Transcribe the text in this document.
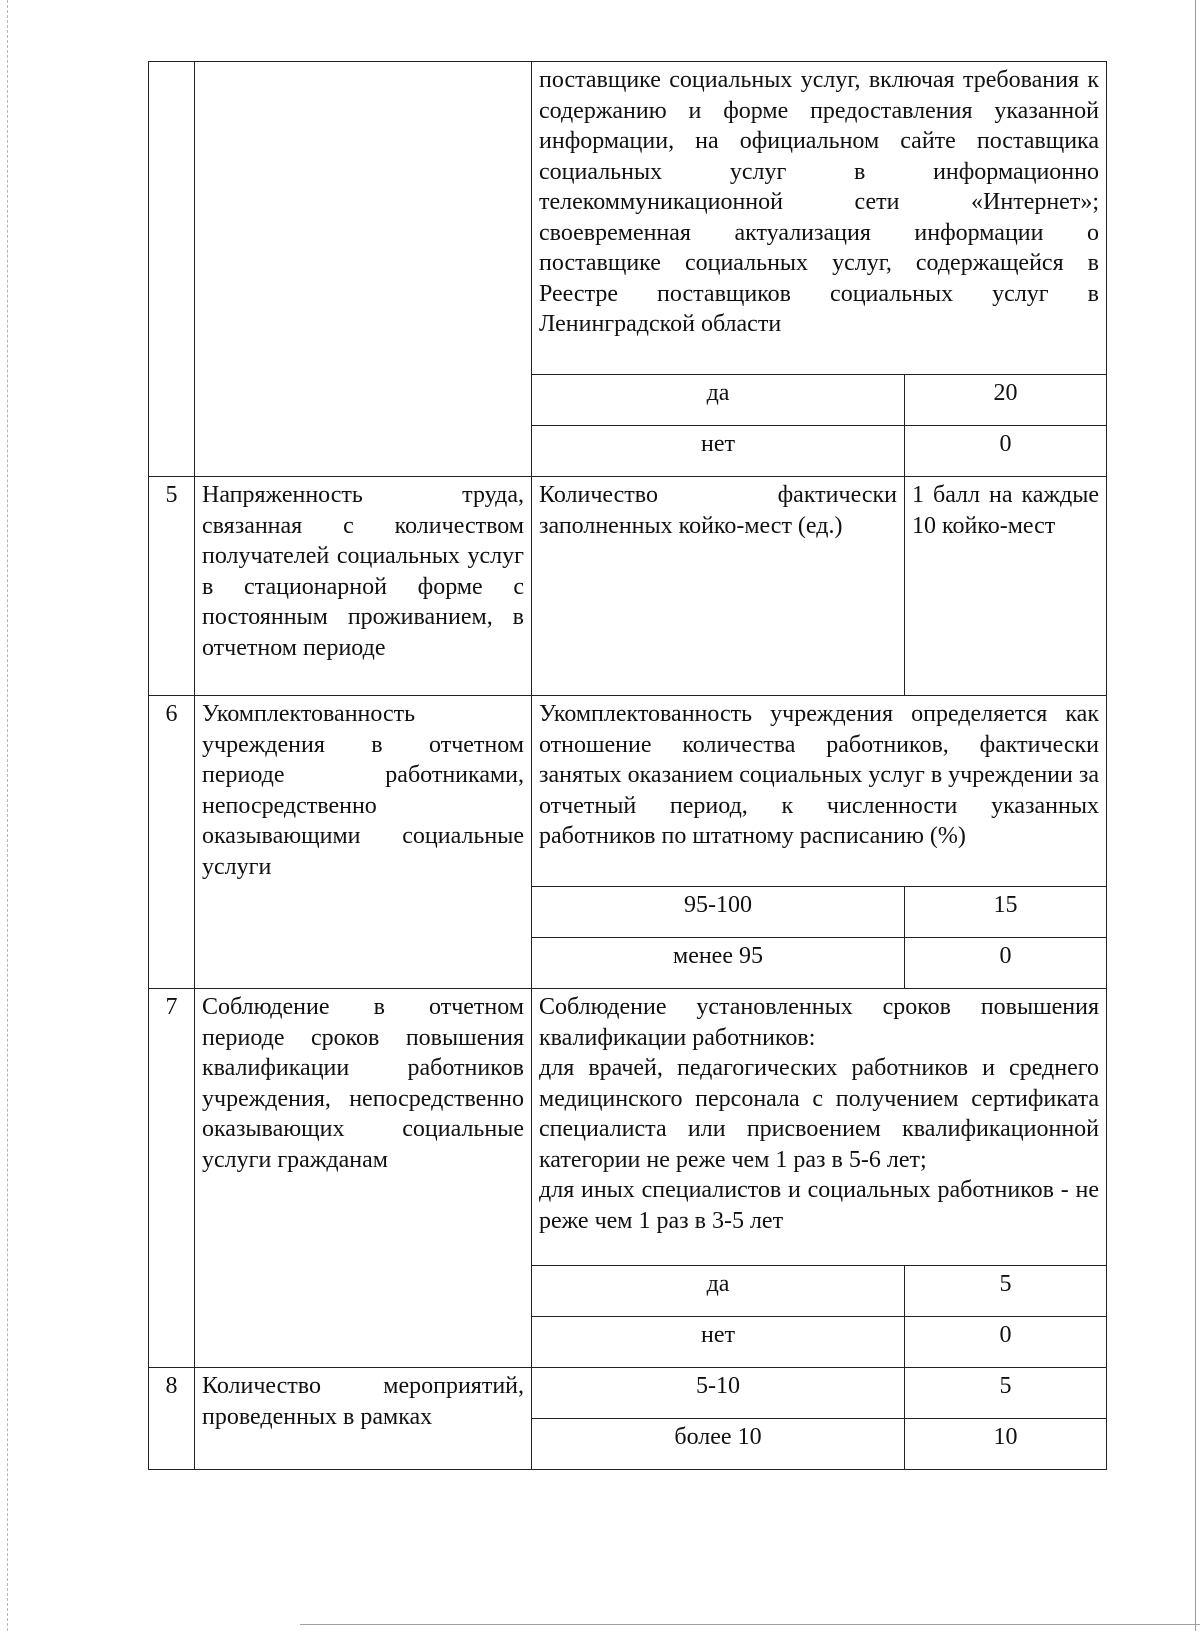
		поставщике социальных услуг, включая требования к содержанию и форме предоставления указанной информации, на официальном сайте поставщика социальных услуг в информационно телекоммуникационной сети «Интернет»; своевременная актуализация информации о поставщике социальных услуг, содержащейся в Реестре поставщиков социальных услуг в Ленинградской области	
		да	20
		нет	0
5	Напряженность труда, связанная с количеством получателей социальных услуг в стационарной форме с постоянным проживанием, в отчетном периоде	Количество фактически заполненных койко-мест (ед.)	1 балл на каждые 10 койко-мест
6	Укомплектованность учреждения в отчетном периоде работниками, непосредственно оказывающими социальные услуги	Укомплектованность учреждения определяется как отношение количества работников, фактически занятых оказанием социальных услуг в учреждении за отчетный период, к численности указанных работников по штатному расписанию (%)	
		95-100	15
		менее 95	0
7	Соблюдение в отчетном периоде сроков повышения квалификации работников учреждения, непосредственно оказывающих социальные услуги гражданам	Соблюдение установленных сроков повышения квалификации работников:
для врачей, педагогических работников и среднего медицинского персонала с получением сертификата специалиста или присвоением квалификационной категории не реже чем 1 раз в 5-6 лет;
для иных специалистов и социальных работников - не реже чем 1 раз в 3-5 лет	

		да	5
		нет	0
8	Количество мероприятий, проведенных в рамках	5-10	5
		более 10	10
